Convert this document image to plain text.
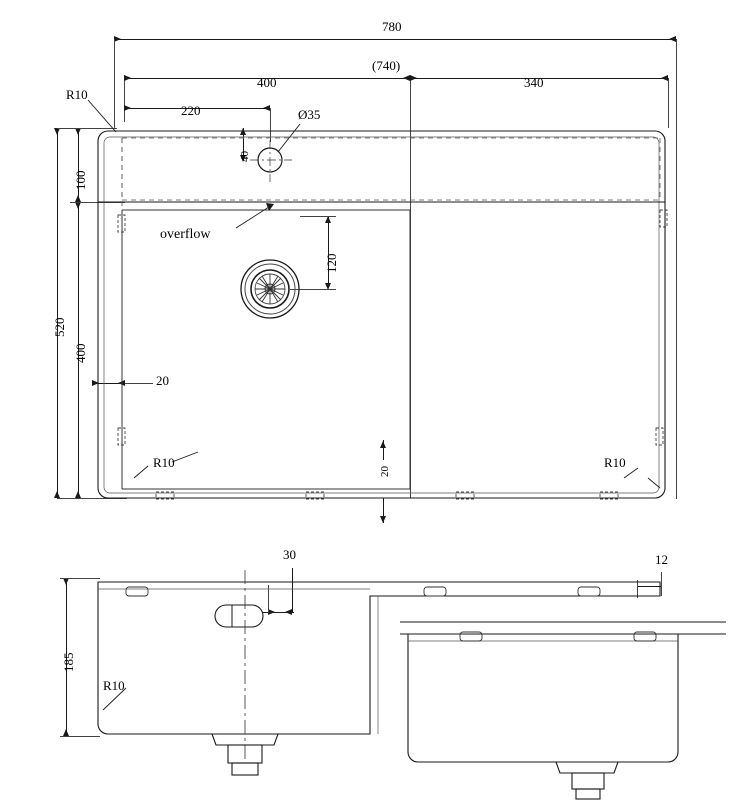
780
(740)
400	340
220
R10
100
520
400
20
20
120
40
Ø35
overflow
R10	R10
30	12
185
R10
